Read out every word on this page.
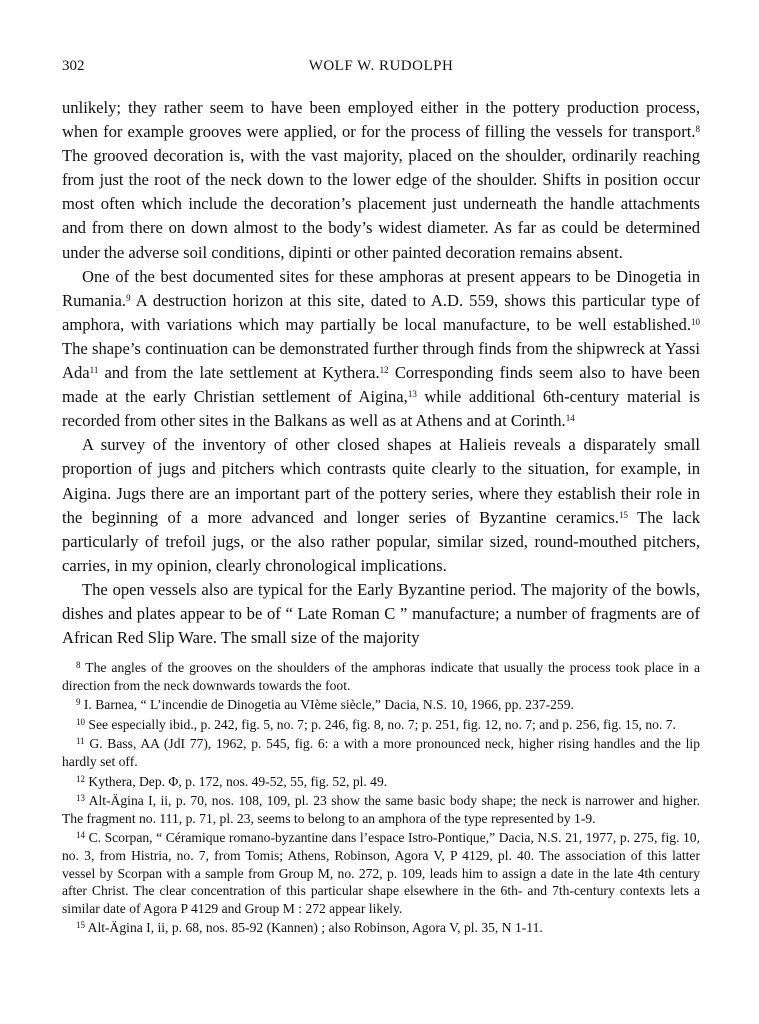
302	WOLF W. RUDOLPH

unlikely; they rather seem to have been employed either in the pottery production process, when for example grooves were applied, or for the process of filling the vessels for transport.$^8$ The grooved decoration is, with the vast majority, placed on the shoulder, ordinarily reaching from just the root of the neck down to the lower edge of the shoulder. Shifts in position occur most often which include the decoration’s placement just underneath the handle attachments and from there on down almost to the body’s widest diameter. As far as could be determined under the adverse soil conditions, dipinti or other painted decoration remains absent.

One of the best documented sites for these amphoras at present appears to be Dinogetia in Rumania.$^9$ A destruction horizon at this site, dated to A.D. 559, shows this particular type of amphora, with variations which may partially be local manufacture, to be well established.$^{10}$ The shape’s continuation can be demonstrated further through finds from the shipwreck at Yassi Ada$^{11}$ and from the late settlement at Kythera.$^{12}$ Corresponding finds seem also to have been made at the early Christian settlement of Aigina,$^{13}$ while additional 6th-century material is recorded from other sites in the Balkans as well as at Athens and at Corinth.$^{14}$

A survey of the inventory of other closed shapes at Halieis reveals a disparately small proportion of jugs and pitchers which contrasts quite clearly to the situation, for example, in Aigina. Jugs there are an important part of the pottery series, where they establish their role in the beginning of a more advanced and longer series of Byzantine ceramics.$^{15}$ The lack particularly of trefoil jugs, or the also rather popular, similar sized, round-mouthed pitchers, carries, in my opinion, clearly chronological implications.

The open vessels also are typical for the Early Byzantine period. The majority of the bowls, dishes and plates appear to be of “ Late Roman C ” manufacture; a number of fragments are of African Red Slip Ware. The small size of the majority

$^8$ The angles of the grooves on the shoulders of the amphoras indicate that usually the process took place in a direction from the neck downwards towards the foot.

$^9$ I. Barnea, “ L’incendie de Dinogetia au VIème siècle,” Dacia, N.S. 10, 1966, pp. 237-259.

$^{10}$ See especially ibid., p. 242, fig. 5, no. 7; p. 246, fig. 8, no. 7; p. 251, fig. 12, no. 7; and p. 256, fig. 15, no. 7.

$^{11}$ G. Bass, AA (JdI 77), 1962, p. 545, fig. 6: a with a more pronounced neck, higher rising handles and the lip hardly set off.

$^{12}$ Kythera, Dep. Φ, p. 172, nos. 49-52, 55, fig. 52, pl. 49.

$^{13}$ Alt-Ägina I, ii, p. 70, nos. 108, 109, pl. 23 show the same basic body shape; the neck is narrower and higher. The fragment no. 111, p. 71, pl. 23, seems to belong to an amphora of the type represented by 1-9.

$^{14}$ C. Scorpan, “ Céramique romano-byzantine dans l’espace Istro-Pontique,” Dacia, N.S. 21, 1977, p. 275, fig. 10, no. 3, from Histria, no. 7, from Tomis; Athens, Robinson, Agora V, P 4129, pl. 40. The association of this latter vessel by Scorpan with a sample from Group M, no. 272, p. 109, leads him to assign a date in the late 4th century after Christ. The clear concentration of this particular shape elsewhere in the 6th- and 7th-century contexts lets a similar date of Agora P 4129 and Group M : 272 appear likely.

$^{15}$ Alt-Ägina I, ii, p. 68, nos. 85-92 (Kannen) ; also Robinson, Agora V, pl. 35, N 1-11.
